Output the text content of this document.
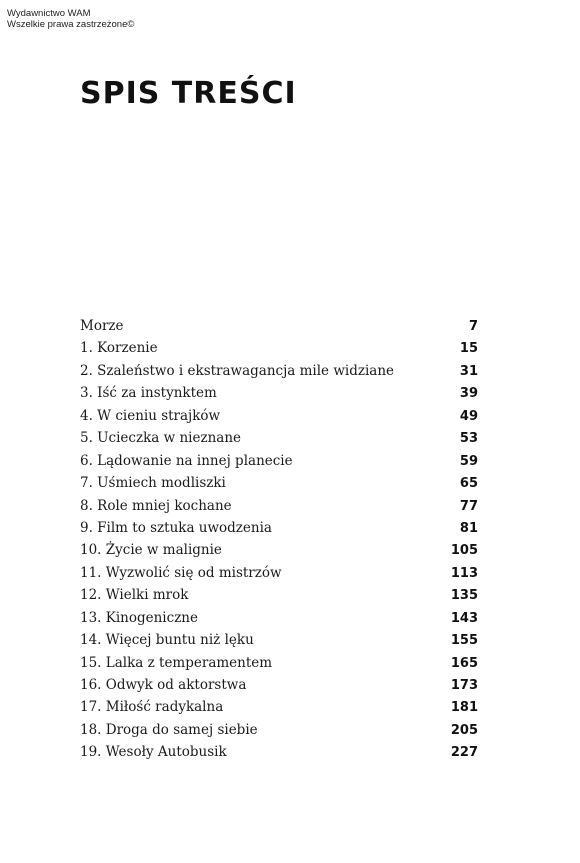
Wydawnictwo WAM
Wszelkie prawa zastrzeżone©
SPIS TREŚCI
Morze	7
1. Korzenie	15
2. Szaleństwo i ekstrawagancja mile widziane	31
3. Iść za instynktem	39
4. W cieniu strajków	49
5. Ucieczka w nieznane	53
6. Lądowanie na innej planecie	59
7. Uśmiech modliszki	65
8. Role mniej kochane	77
9. Film to sztuka uwodzenia	81
10. Życie w malignie	105
11. Wyzwolić się od mistrzów	113
12. Wielki mrok	135
13. Kinogeniczne	143
14. Więcej buntu niż lęku	155
15. Lalka z temperamentem	165
16. Odwyk od aktorstwa	173
17. Miłość radykalna	181
18. Droga do samej siebie	205
19. Wesoły Autobusik	227
